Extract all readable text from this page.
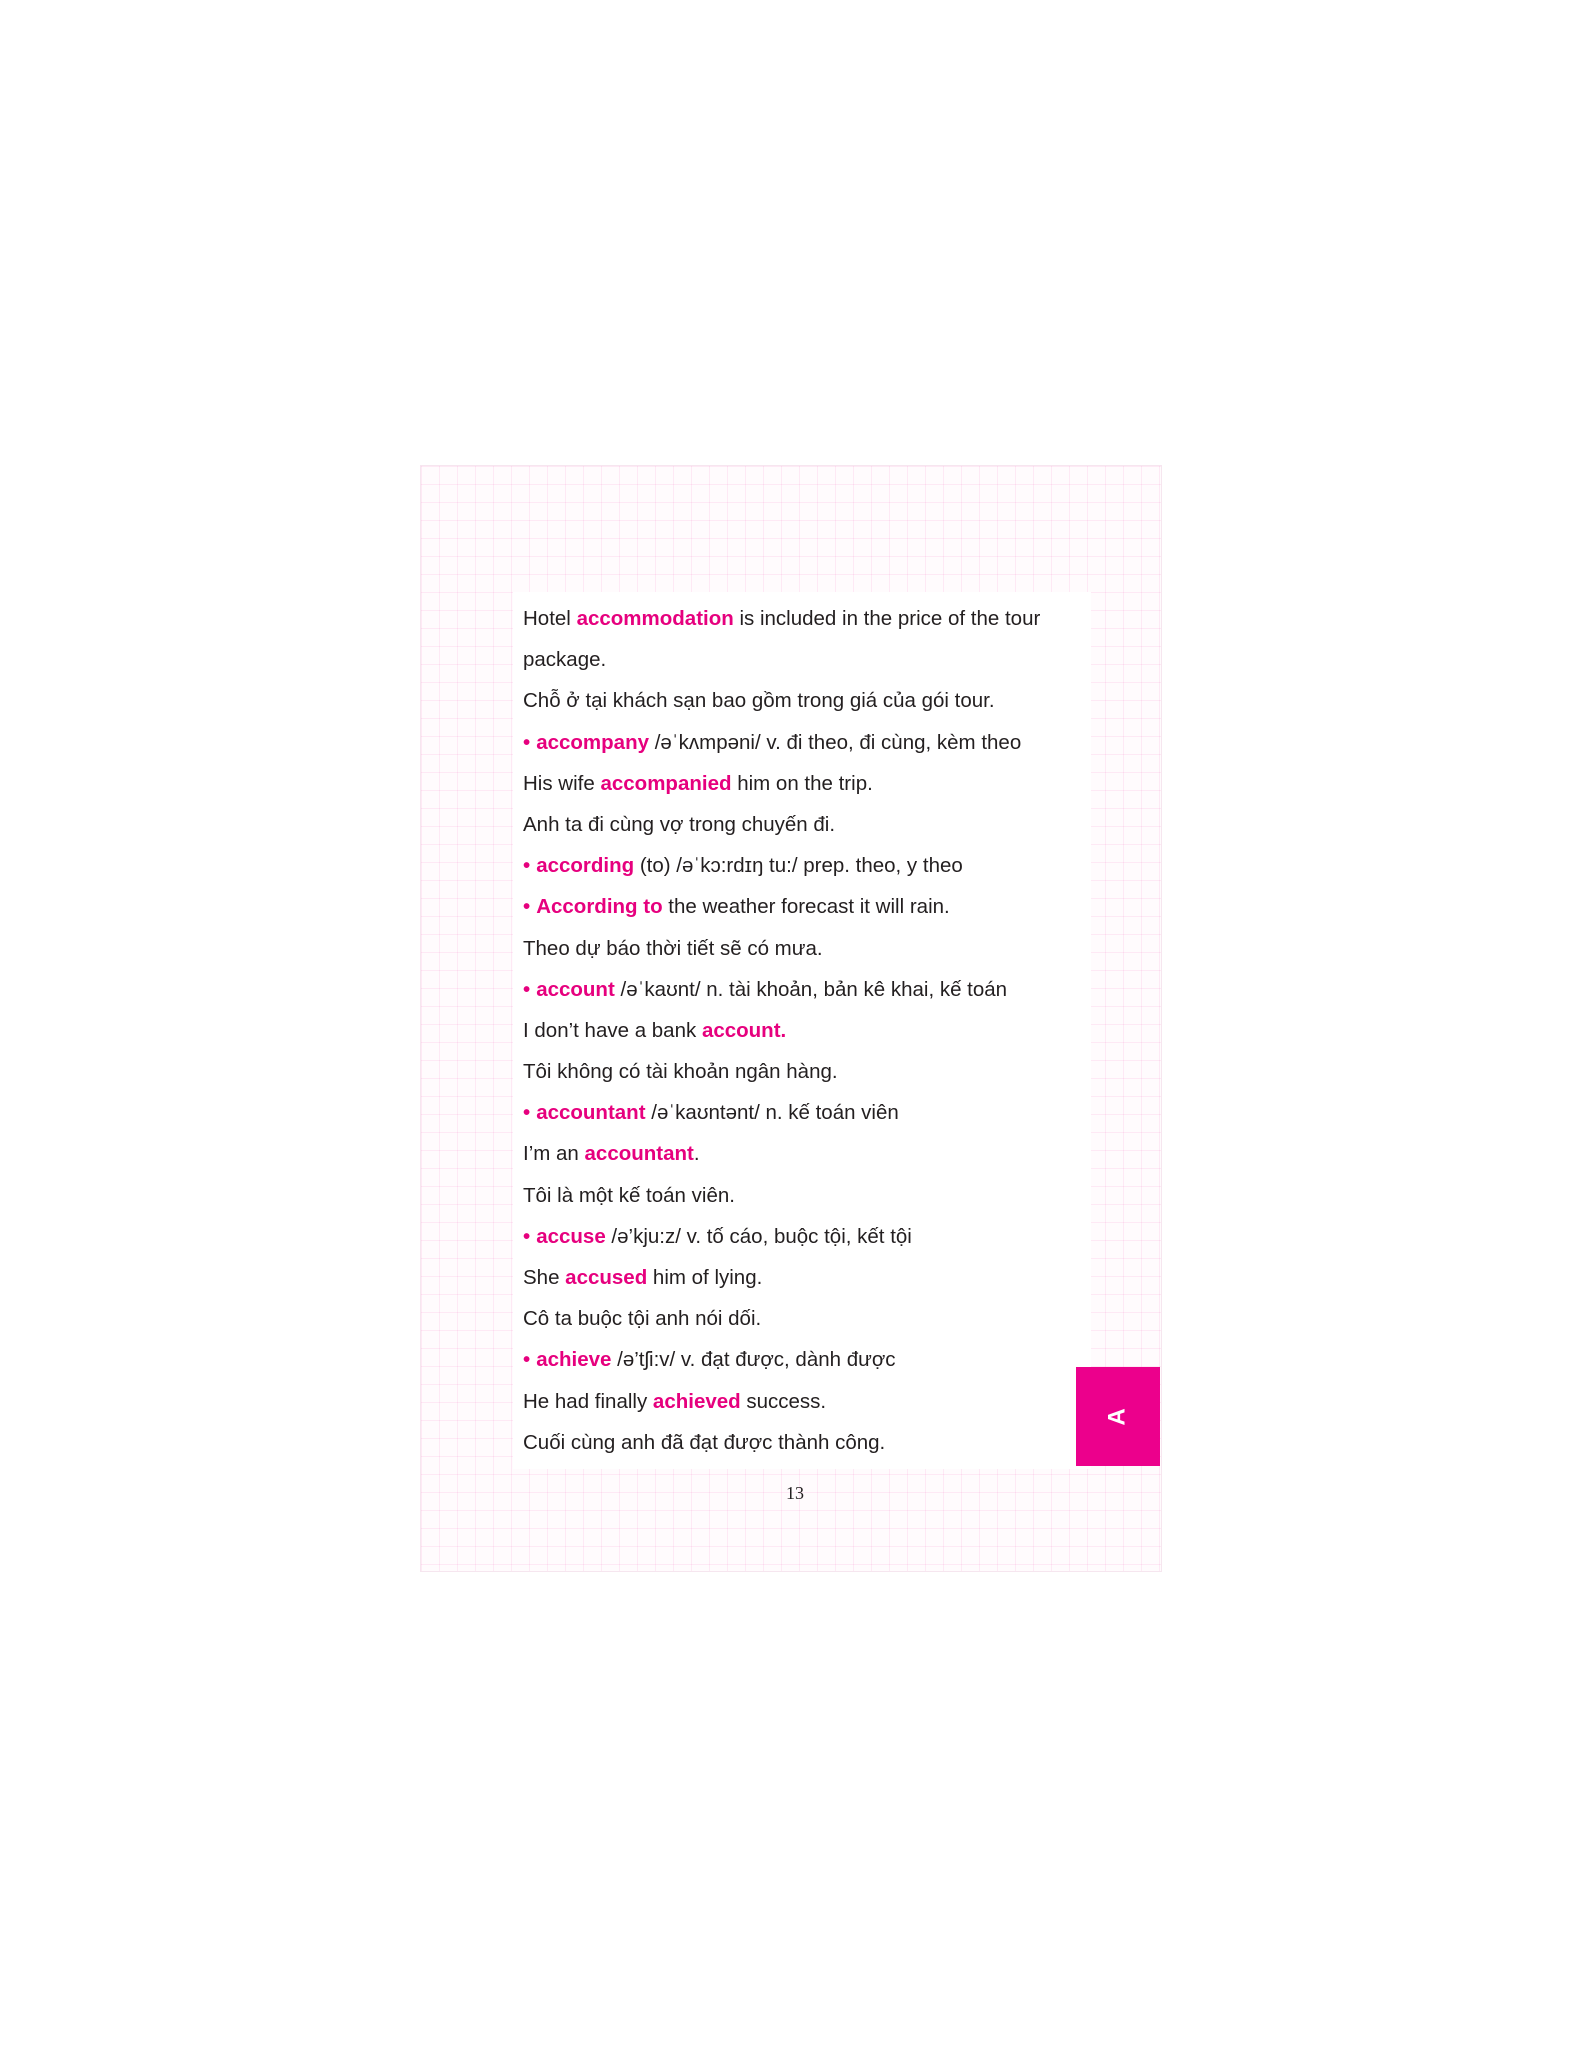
Hotel accommodation is included in the price of the tour
package.
Chỗ ở tại khách sạn bao gồm trong giá của gói tour.
• accompany /əˈkʌmpəni/ v. đi theo, đi cùng, kèm theo
His wife accompanied him on the trip.
Anh ta đi cùng vợ trong chuyến đi.
• according (to) /əˈkɔ:rdɪŋ tu:/ prep. theo, y theo
• According to the weather forecast it will rain.
Theo dự báo thời tiết sẽ có mưa.
• account /əˈkaʊnt/ n. tài khoản, bản kê khai, kế toán
I don’t have a bank account.
Tôi không có tài khoản ngân hàng.
• accountant /əˈkaʊntənt/ n. kế toán viên
I’m an accountant.
Tôi là một kế toán viên.
• accuse /ə’kju:z/ v. tố cáo, buộc tội, kết tội
She accused him of lying.
Cô ta buộc tội anh nói dối.
• achieve /ə’tʃi:v/ v. đạt được, dành được
He had finally achieved success.
Cuối cùng anh đã đạt được thành công.
A
13
